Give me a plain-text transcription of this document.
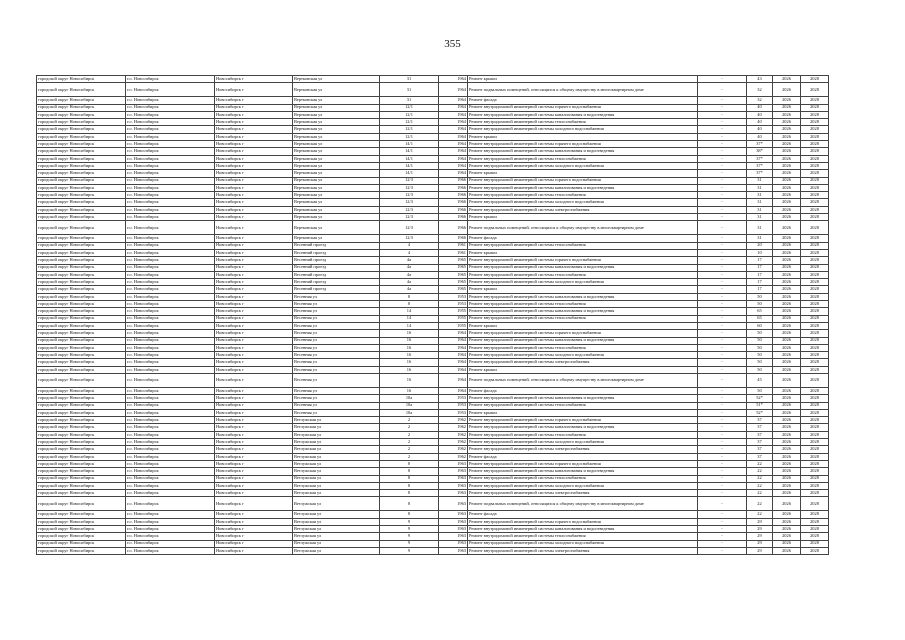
355
городской округ Новосибирск	г.о. Новосибирск	Новосибирск г	Вертковская ул	31	1964	Ремонт крыши	-	43	2026	2028
городской округ Новосибирск	г.о. Новосибирск	Новосибирск г	Вертковская ул	31	1964	Ремонт подвальных помещений, относящихся к общему имуществу в многоквартирном доме	-	32	2026	2028
городской округ Новосибирск	г.о. Новосибирск	Новосибирск г	Вертковская ул	31	1964	Ремонт фасада	-	32	2026	2028
городской округ Новосибирск	г.о. Новосибирск	Новосибирск г	Вертковская ул	12/1	1964	Ремонт внутридомовой инженерной системы горячего водоснабжения	-	40	2026	2028
городской округ Новосибирск	г.о. Новосибирск	Новосибирск г	Вертковская ул	12/1	1964	Ремонт внутридомовой инженерной системы канализования и водоотведения	-	40	2026	2028
городской округ Новосибирск	г.о. Новосибирск	Новосибирск г	Вертковская ул	12/1	1964	Ремонт внутридомовой инженерной системы теплоснабжения	-	40	2026	2028
городской округ Новосибирск	г.о. Новосибирск	Новосибирск г	Вертковская ул	12/1	1964	Ремонт внутридомовой инженерной системы холодного водоснабжения	-	40	2026	2028
городской округ Новосибирск	г.о. Новосибирск	Новосибирск г	Вертковская ул	12/1	1964	Ремонт крыши	-	40	2026	2028
городской округ Новосибирск	г.о. Новосибирск	Новосибирск г	Вертковская ул	14/1	1964	Ремонт внутридомовой инженерной системы горячего водоснабжения	-	37*	2026	2028
городской округ Новосибирск	г.о. Новосибирск	Новосибирск г	Вертковская ул	14/1	1964	Ремонт внутридомовой инженерной системы канализования и водоотведения	-	38*	2026	2028
городской округ Новосибирск	г.о. Новосибирск	Новосибирск г	Вертковская ул	14/1	1964	Ремонт внутридомовой инженерной системы теплоснабжения	-	37*	2026	2028
городской округ Новосибирск	г.о. Новосибирск	Новосибирск г	Вертковская ул	14/1	1964	Ремонт внутридомовой инженерной системы холодного водоснабжения	-	37*	2026	2028
городской округ Новосибирск	г.о. Новосибирск	Новосибирск г	Вертковская ул	14/1	1964	Ремонт крыши	-	37*	2026	2028
городской округ Новосибирск	г.о. Новосибирск	Новосибирск г	Вертковская ул	12/3	1966	Ремонт внутридомовой инженерной системы горячего водоснабжения	-	31	2026	2028
городской округ Новосибирск	г.о. Новосибирск	Новосибирск г	Вертковская ул	12/3	1966	Ремонт внутридомовой инженерной системы канализования и водоотведения	-	31	2026	2028
городской округ Новосибирск	г.о. Новосибирск	Новосибирск г	Вертковская ул	12/3	1966	Ремонт внутридомовой инженерной системы теплоснабжения	-	31	2026	2028
городской округ Новосибирск	г.о. Новосибирск	Новосибирск г	Вертковская ул	12/3	1966	Ремонт внутридомовой инженерной системы холодного водоснабжения	-	31	2026	2028
городской округ Новосибирск	г.о. Новосибирск	Новосибирск г	Вертковская ул	12/3	1966	Ремонт внутридомовой инженерной системы электроснабжения	-	31	2026	2028
городской округ Новосибирск	г.о. Новосибирск	Новосибирск г	Вертковская ул	12/3	1966	Ремонт крыши	-	31	2026	2028
городской округ Новосибирск	г.о. Новосибирск	Новосибирск г	Вертковская ул	12/3	1966	Ремонт подвальных помещений, относящихся к общему имуществу в многоквартирном доме	-	31	2026	2028
городской округ Новосибирск	г.о. Новосибирск	Новосибирск г	Вертковская ул	12/3	1966	Ремонт фасада	-	31	2026	2028
городской округ Новосибирск	г.о. Новосибирск	Новосибирск г	Весенний проезд	4	1961	Ремонт внутридомовой инженерной системы теплоснабжения	-	20	2026	2028
городской округ Новосибирск	г.о. Новосибирск	Новосибирск г	Весенний проезд	4	1961	Ремонт крыши	-	10	2026	2028
городской округ Новосибирск	г.о. Новосибирск	Новосибирск г	Весенний проезд	4а	1965	Ремонт внутридомовой инженерной системы горячего водоснабжения	-	17	2026	2028
городской округ Новосибирск	г.о. Новосибирск	Новосибирск г	Весенний проезд	4а	1965	Ремонт внутридомовой инженерной системы канализования и водоотведения	-	17	2026	2028
городской округ Новосибирск	г.о. Новосибирск	Новосибирск г	Весенний проезд	4а	1965	Ремонт внутридомовой инженерной системы теплоснабжения	-	17	2026	2028
городской округ Новосибирск	г.о. Новосибирск	Новосибирск г	Весенний проезд	4а	1965	Ремонт внутридомовой инженерной системы холодного водоснабжения	-	17	2026	2028
городской округ Новосибирск	г.о. Новосибирск	Новосибирск г	Весенний проезд	4а	1965	Ремонт крыши	-	17	2026	2028
городской округ Новосибирск	г.о. Новосибирск	Новосибирск г	Весенняя ул	8	1953	Ремонт внутридомовой инженерной системы канализования и водоотведения	-	50	2026	2028
городской округ Новосибирск	г.о. Новосибирск	Новосибирск г	Весенняя ул	8	1953	Ремонт внутридомовой инженерной системы теплоснабжения	-	50	2026	2028
городской округ Новосибирск	г.о. Новосибирск	Новосибирск г	Весенняя ул	14	1955	Ремонт внутридомовой инженерной системы канализования и водоотведения	-	65	2026	2028
городской округ Новосибирск	г.о. Новосибирск	Новосибирск г	Весенняя ул	14	1955	Ремонт внутридомовой инженерной системы теплоснабжения	-	65	2026	2028
городской округ Новосибирск	г.о. Новосибирск	Новосибирск г	Весенняя ул	14	1955	Ремонт крыши	-	60	2026	2028
городской округ Новосибирск	г.о. Новосибирск	Новосибирск г	Весенняя ул	16	1964	Ремонт внутридомовой инженерной системы горячего водоснабжения	-	50	2026	2028
городской округ Новосибирск	г.о. Новосибирск	Новосибирск г	Весенняя ул	16	1964	Ремонт внутридомовой инженерной системы канализования и водоотведения	-	50	2026	2028
городской округ Новосибирск	г.о. Новосибирск	Новосибирск г	Весенняя ул	16	1964	Ремонт внутридомовой инженерной системы теплоснабжения	-	50	2026	2028
городской округ Новосибирск	г.о. Новосибирск	Новосибирск г	Весенняя ул	16	1964	Ремонт внутридомовой инженерной системы холодного водоснабжения	-	50	2026	2028
городской округ Новосибирск	г.о. Новосибирск	Новосибирск г	Весенняя ул	16	1964	Ремонт внутридомовой инженерной системы электроснабжения	-	50	2026	2028
городской округ Новосибирск	г.о. Новосибирск	Новосибирск г	Весенняя ул	16	1964	Ремонт крыши	-	50	2026	2028
городской округ Новосибирск	г.о. Новосибирск	Новосибирск г	Весенняя ул	16	1964	Ремонт подвальных помещений, относящихся к общему имуществу в многоквартирном доме	-	45	2026	2028
городской округ Новосибирск	г.о. Новосибирск	Новосибирск г	Весенняя ул	16	1964	Ремонт фасада	-	50	2026	2028
городской округ Новосибирск	г.о. Новосибирск	Новосибирск г	Весенняя ул	10а	1953	Ремонт внутридомовой инженерной системы канализования и водоотведения	-	52*	2026	2028
городской округ Новосибирск	г.о. Новосибирск	Новосибирск г	Весенняя ул	10а	1953	Ремонт внутридомовой инженерной системы теплоснабжения	-	51*	2026	2028
городской округ Новосибирск	г.о. Новосибирск	Новосибирск г	Весенняя ул	10а	1953	Ремонт крыши	-	52*	2026	2028
городской округ Новосибирск	г.о. Новосибирск	Новосибирск г	Ветлужская ул	2	1962	Ремонт внутридомовой инженерной системы горячего водоснабжения	-	37	2026	2028
городской округ Новосибирск	г.о. Новосибирск	Новосибирск г	Ветлужская ул	2	1962	Ремонт внутридомовой инженерной системы канализования и водоотведения	-	37	2026	2028
городской округ Новосибирск	г.о. Новосибирск	Новосибирск г	Ветлужская ул	2	1962	Ремонт внутридомовой инженерной системы теплоснабжения	-	37	2026	2028
городской округ Новосибирск	г.о. Новосибирск	Новосибирск г	Ветлужская ул	2	1962	Ремонт внутридомовой инженерной системы холодного водоснабжения	-	37	2026	2028
городской округ Новосибирск	г.о. Новосибирск	Новосибирск г	Ветлужская ул	2	1962	Ремонт внутридомовой инженерной системы электроснабжения	-	37	2026	2028
городской округ Новосибирск	г.о. Новосибирск	Новосибирск г	Ветлужская ул	2	1962	Ремонт фасада	-	37	2026	2028
городской округ Новосибирск	г.о. Новосибирск	Новосибирск г	Ветлужская ул	8	1963	Ремонт внутридомовой инженерной системы горячего водоснабжения	-	22	2026	2028
городской округ Новосибирск	г.о. Новосибирск	Новосибирск г	Ветлужская ул	8	1963	Ремонт внутридомовой инженерной системы канализования и водоотведения	-	22	2026	2028
городской округ Новосибирск	г.о. Новосибирск	Новосибирск г	Ветлужская ул	8	1963	Ремонт внутридомовой инженерной системы теплоснабжения	-	22	2026	2028
городской округ Новосибирск	г.о. Новосибирск	Новосибирск г	Ветлужская ул	8	1963	Ремонт внутридомовой инженерной системы холодного водоснабжения	-	22	2026	2028
городской округ Новосибирск	г.о. Новосибирск	Новосибирск г	Ветлужская ул	8	1963	Ремонт внутридомовой инженерной системы электроснабжения	-	22	2026	2028
городской округ Новосибирск	г.о. Новосибирск	Новосибирск г	Ветлужская ул	8	1963	Ремонт подвальных помещений, относящихся к общему имуществу в многоквартирном доме	-	22	2026	2028
городской округ Новосибирск	г.о. Новосибирск	Новосибирск г	Ветлужская ул	8	1963	Ремонт фасада	-	22	2026	2028
городской округ Новосибирск	г.о. Новосибирск	Новосибирск г	Ветлужская ул	9	1963	Ремонт внутридомовой инженерной системы горячего водоснабжения	-	29	2026	2028
городской округ Новосибирск	г.о. Новосибирск	Новосибирск г	Ветлужская ул	9	1963	Ремонт внутридомовой инженерной системы канализования и водоотведения	-	29	2026	2028
городской округ Новосибирск	г.о. Новосибирск	Новосибирск г	Ветлужская ул	9	1963	Ремонт внутридомовой инженерной системы теплоснабжения	-	29	2026	2028
городской округ Новосибирск	г.о. Новосибирск	Новосибирск г	Ветлужская ул	9	1963	Ремонт внутридомовой инженерной системы холодного водоснабжения	-	29	2026	2028
городской округ Новосибирск	г.о. Новосибирск	Новосибирск г	Ветлужская ул	9	1963	Ремонт внутридомовой инженерной системы электроснабжения	-	29	2026	2028
